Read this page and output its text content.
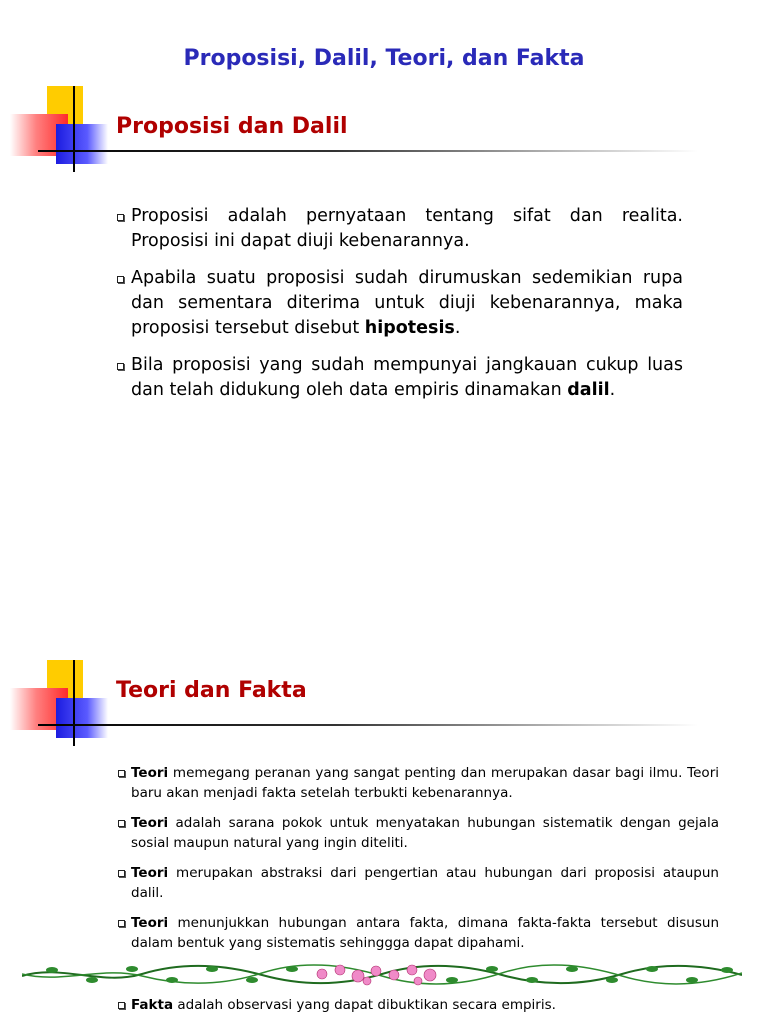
Proposisi, Dalil, Teori, dan Fakta
Proposisi dan Dalil
Proposisi adalah pernyataan tentang sifat dan realita. Proposisi ini dapat diuji kebenarannya.
Apabila suatu proposisi sudah dirumuskan sedemikian rupa dan sementara diterima untuk diuji kebenarannya, maka proposisi tersebut disebut hipotesis.
Bila proposisi yang sudah mempunyai jangkauan cukup luas dan telah didukung oleh data empiris dinamakan dalil.
Teori dan Fakta
Teori memegang peranan yang sangat penting dan merupakan dasar bagi ilmu. Teori baru akan menjadi fakta setelah terbukti kebenarannya.
Teori adalah sarana pokok untuk menyatakan hubungan sistematik dengan gejala sosial maupun natural yang ingin diteliti.
Teori merupakan abstraksi dari pengertian atau hubungan dari proposisi ataupun dalil.
Teori menunjukkan hubungan antara fakta, dimana fakta-fakta tersebut disusun dalam bentuk yang sistematis sehinggga dapat dipahami.
Fakta adalah observasi yang dapat dibuktikan secara empiris.
